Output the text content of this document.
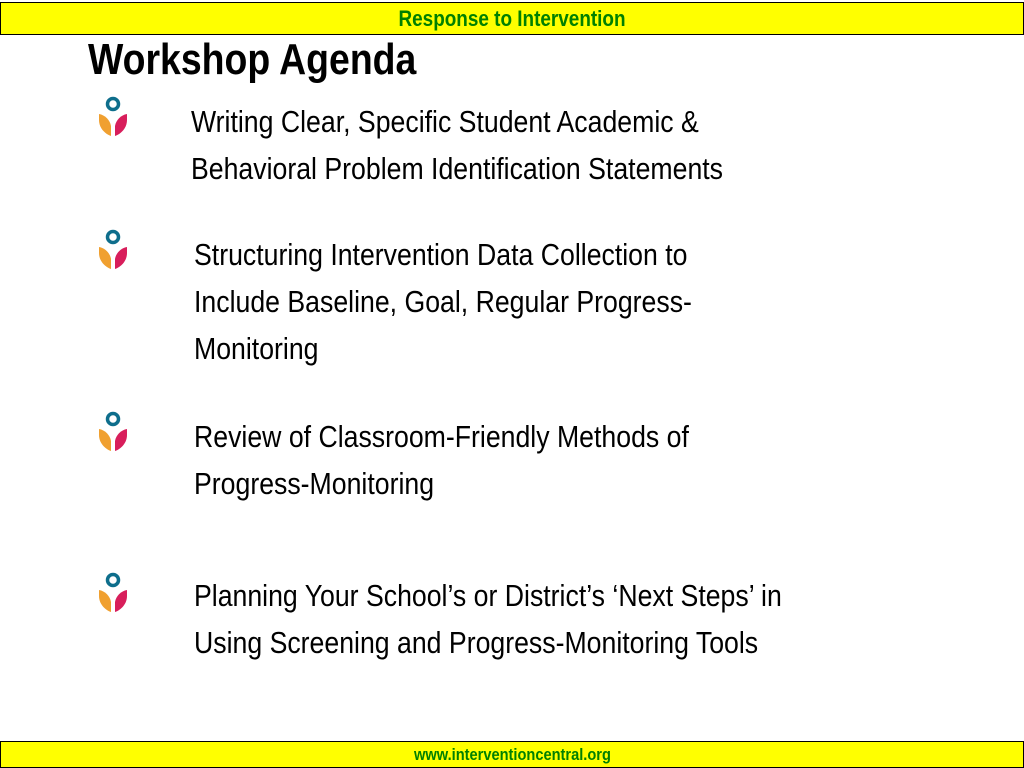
Response to Intervention
Workshop Agenda
Writing Clear, Specific Student Academic &
Behavioral Problem Identification Statements
Structuring Intervention Data Collection to
Include Baseline, Goal, Regular Progress-
Monitoring
Review of Classroom-Friendly Methods of
Progress-Monitoring
Planning Your School’s or District’s ‘Next Steps’ in
Using Screening and Progress-Monitoring Tools
www.interventioncentral.org
